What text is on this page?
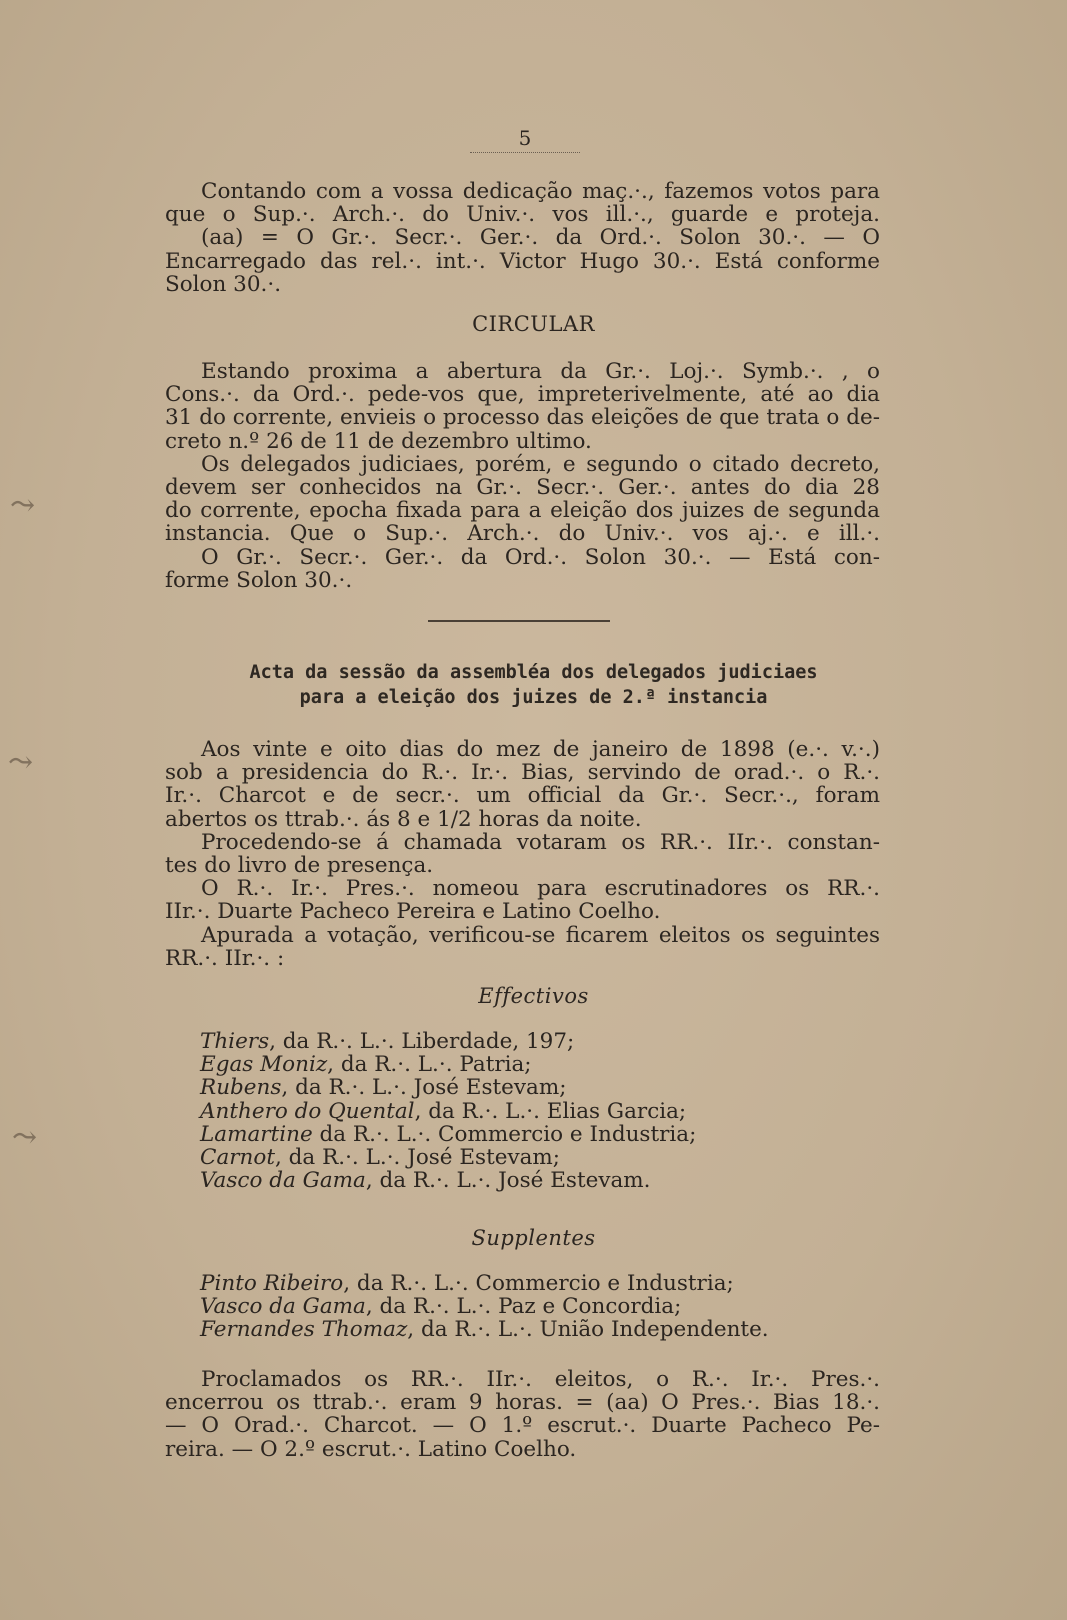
5
Contando com a vossa dedicação maç.·., fazemos votos para
que o Sup.·. Arch.·. do Univ.·. vos ill.·., guarde e proteja.
(aa) = O Gr.·. Secr.·. Ger.·. da Ord.·. Solon 30.·. — O
Encarregado das rel.·. int.·. Victor Hugo 30.·. Está conforme
Solon 30.·.
CIRCULAR
Estando proxima a abertura da Gr.·. Loj.·. Symb.·. , o
Cons.·. da Ord.·. pede-vos que, impreterivelmente, até ao dia
31 do corrente, envieis o processo das eleições de que trata o de-
creto n.º 26 de 11 de dezembro ultimo.
Os delegados judiciaes, porém, e segundo o citado decreto,
devem ser conhecidos na Gr.·. Secr.·. Ger.·. antes do dia 28
do corrente, epocha fixada para a eleição dos juizes de segunda
instancia. Que o Sup.·. Arch.·. do Univ.·. vos aj.·. e ill.·.
O Gr.·. Secr.·. Ger.·. da Ord.·. Solon 30.·. — Está con-
forme Solon 30.·.
Acta da sessão da assembléa dos delegados judiciaes
para a eleição dos juizes de 2.ª instancia
Aos vinte e oito dias do mez de janeiro de 1898 (e.·. v.·.)
sob a presidencia do R.·. Ir.·. Bias, servindo de orad.·. o R.·.
Ir.·. Charcot e de secr.·. um official da Gr.·. Secr.·., foram
abertos os ttrab.·. ás 8 e 1/2 horas da noite.
Procedendo-se á chamada votaram os RR.·. IIr.·. constan-
tes do livro de presença.
O R.·. Ir.·. Pres.·. nomeou para escrutinadores os RR.·.
IIr.·. Duarte Pacheco Pereira e Latino Coelho.
Apurada a votação, verificou-se ficarem eleitos os seguintes
RR.·. IIr.·. :
Effectivos
Thiers, da R.·. L.·. Liberdade, 197;
Egas Moniz, da R.·. L.·. Patria;
Rubens, da R.·. L.·. José Estevam;
Anthero do Quental, da R.·. L.·. Elias Garcia;
Lamartine da R.·. L.·. Commercio e Industria;
Carnot, da R.·. L.·. José Estevam;
Vasco da Gama, da R.·. L.·. José Estevam.
Supplentes
Pinto Ribeiro, da R.·. L.·. Commercio e Industria;
Vasco da Gama, da R.·. L.·. Paz e Concordia;
Fernandes Thomaz, da R.·. L.·. União Independente.
Proclamados os RR.·. IIr.·. eleitos, o R.·. Ir.·. Pres.·.
encerrou os ttrab.·. eram 9 horas. = (aa) O Pres.·. Bias 18.·.
— O Orad.·. Charcot. — O 1.º escrut.·. Duarte Pacheco Pe-
reira. — O 2.º escrut.·. Latino Coelho.
⤳
⤳
⤳
